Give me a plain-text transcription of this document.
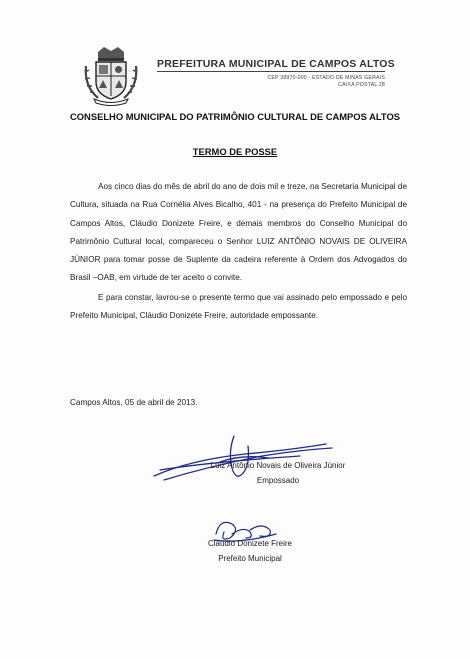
PREFEITURA MUNICIPAL DE CAMPOS ALTOS
CEP 38970-000 - ESTADO DE MINAS GERAIS
CAIXA POSTAL 28
CONSELHO MUNICIPAL DO PATRIMÔNIO CULTURAL DE CAMPOS ALTOS
TERMO DE POSSE

Aos cinco dias do mês de abril do ano de dois mil e treze, na Secretaria Municipal de Cultura, situada na Rua Cornélia Alves Bicalho, 401 - na presença do Prefeito Municipal de Campos Altos, Cláudio Donizete Freire, e demais membros do Conselho Municipal do Patrimônio Cultural local, compareceu o Senhor LUIZ ANTÔNIO NOVAIS DE OLIVEIRA JÚNIOR para tomar posse de Suplente da cadeira referente à Ordem dos Advogados do Brasil –OAB, em virtude de ter aceito o convite.

E para constar, lavrou-se o presente termo que vai assinado pelo empossado e pelo Prefeito Municipal, Cláudio Donizete Freire, autoridade empossante.

Campos Altos, 05 de abril de 2013.
Luiz Antônio Novais de Oliveira Júnior
Empossado
Cláudio Donizete Freire
Prefeito Municipal
